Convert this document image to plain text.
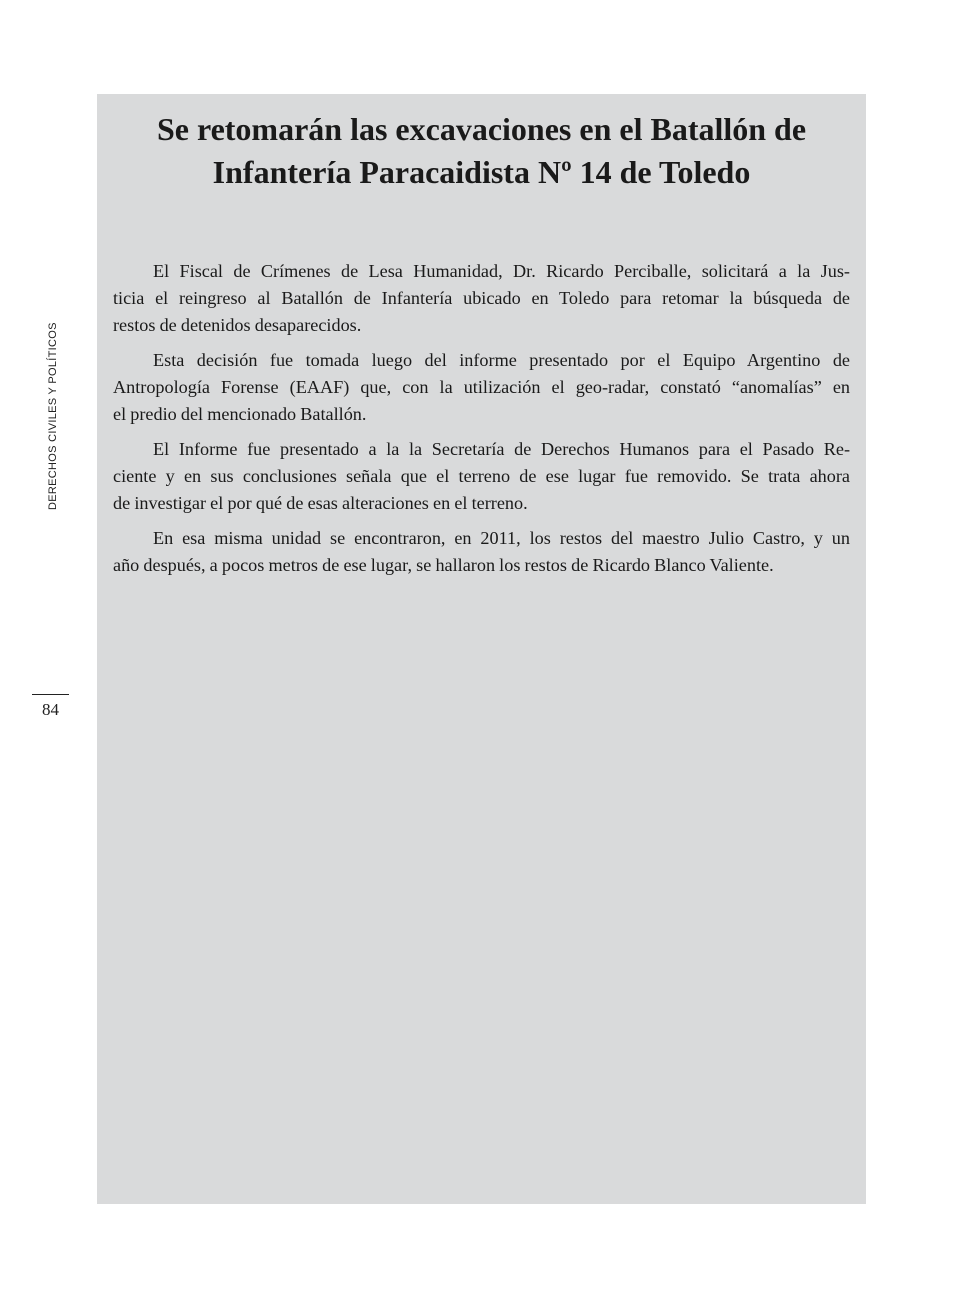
DERECHOS CIVILES Y POLÍTICOS
84
Se retomarán las excavaciones en el Batallón de
Infantería Paracaidista Nº 14 de Toledo

El Fiscal de Crímenes de Lesa Humanidad, Dr. Ricardo Perciballe, solicitará a la Jus-
ticia el reingreso al Batallón de Infantería ubicado en Toledo para retomar la búsqueda de
restos de detenidos desaparecidos.

Esta decisión fue tomada luego del informe presentado por el Equipo Argentino de
Antropología Forense (EAAF) que, con la utilización el geo-radar, constató “anomalías” en
el predio del mencionado Batallón.

El Informe fue presentado a la la Secretaría de Derechos Humanos para el Pasado Re-
ciente y en sus conclusiones señala que el terreno de ese lugar fue removido. Se trata ahora
de investigar el por qué de esas alteraciones en el terreno.

En esa misma unidad se encontraron, en 2011, los restos del maestro Julio Castro, y un
año después, a pocos metros de ese lugar, se hallaron los restos de Ricardo Blanco Valiente.
